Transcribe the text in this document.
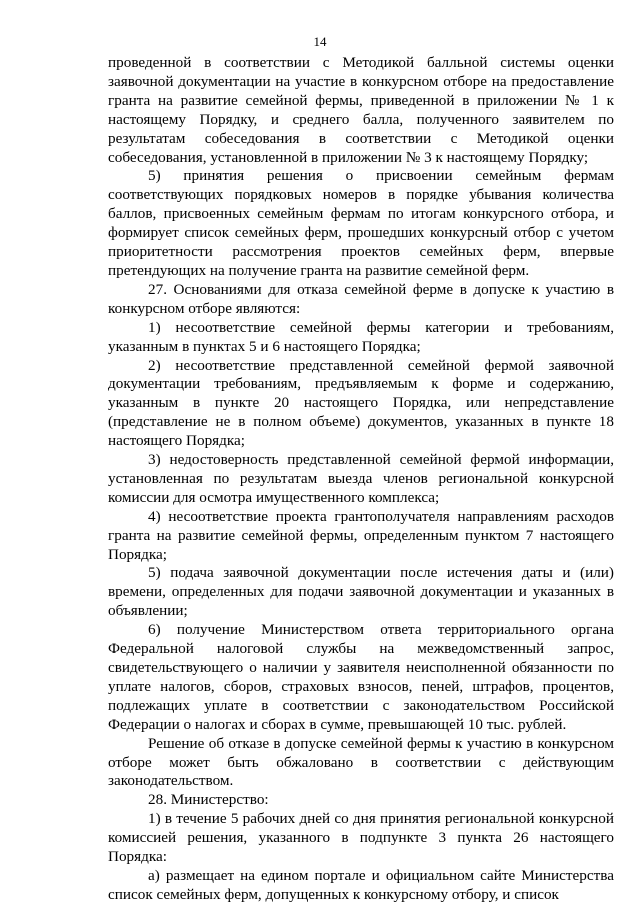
14

проведенной в соответствии с Методикой балльной системы оценки заявочной документации на участие в конкурсном отборе на предоставление гранта на развитие семейной фермы, приведенной в приложении № 1 к настоящему Порядку, и среднего балла, полученного заявителем по результатам собеседования в соответствии с Методикой оценки собеседования, установленной в приложении № 3 к настоящему Порядку;

5) принятия решения о присвоении семейным фермам соответствующих порядковых номеров в порядке убывания количества баллов, присвоенных семейным фермам по итогам конкурсного отбора, и формирует список семейных ферм, прошедших конкурсный отбор с учетом приоритетности рассмотрения проектов семейных ферм, впервые претендующих на получение гранта на развитие семейной ферм.

27. Основаниями для отказа семейной ферме в допуске к участию в конкурсном отборе являются:

1) несоответствие семейной фермы категории и требованиям, указанным в пунктах 5 и 6 настоящего Порядка;

2) несоответствие представленной семейной фермой заявочной документации требованиям, предъявляемым к форме и содержанию, указанным в пункте 20 настоящего Порядка, или непредставление (представление не в полном объеме) документов, указанных в пункте 18 настоящего Порядка;

3) недостоверность представленной семейной фермой информации, установленная по результатам выезда членов региональной конкурсной комиссии для осмотра имущественного комплекса;

4) несоответствие проекта грантополучателя направлениям расходов гранта на развитие семейной фермы, определенным пунктом 7 настоящего Порядка;

5) подача заявочной документации после истечения даты и (или) времени, определенных для подачи заявочной документации и указанных в объявлении;

6) получение Министерством ответа территориального органа Федеральной налоговой службы на межведомственный запрос, свидетельствующего о наличии у заявителя неисполненной обязанности по уплате налогов, сборов, страховых взносов, пеней, штрафов, процентов, подлежащих уплате в соответствии с законодательством Российской Федерации о налогах и сборах в сумме, превышающей 10 тыс. рублей.

Решение об отказе в допуске семейной фермы к участию в конкурсном отборе может быть обжаловано в соответствии с действующим законодательством.

28. Министерство:

1) в течение 5 рабочих дней со дня принятия региональной конкурсной комиссией решения, указанного в подпункте 3 пункта 26 настоящего Порядка:

а) размещает на едином портале и официальном сайте Министерства список семейных ферм, допущенных к конкурсному отбору, и список
